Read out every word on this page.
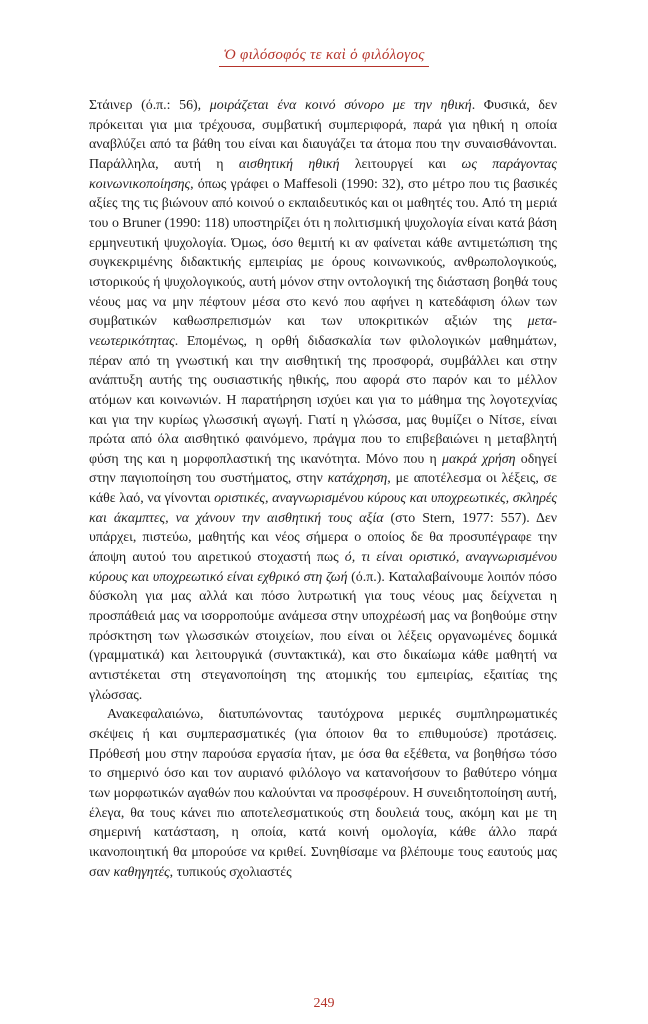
Ὁ φιλόσοφός τε καὶ ὁ φιλόλογος

Στάινερ (ό.π.: 56), μοιράζεται ένα κοινό σύνορο με την ηθική. Φυσικά, δεν πρόκειται για μια τρέχουσα, συμβατική συμπεριφορά, παρά για ηθική η οποία αναβλύζει από τα βάθη του είναι και διαυγάζει τα άτομα που την συναισθάνονται. Παράλληλα, αυτή η αισθητική ηθική λειτουργεί και ως παράγοντας κοινωνικοποίησης, όπως γράφει ο Maffesoli (1990: 32), στο μέτρο που τις βασικές αξίες της τις βιώνουν από κοινού ο εκπαιδευτικός και οι μαθητές του. Από τη μεριά του ο Bruner (1990: 118) υποστηρίζει ότι η πολιτισμική ψυχολογία είναι κατά βάση ερμηνευτική ψυχολογία. Όμως, όσο θεμιτή κι αν φαίνεται κάθε αντιμετώπιση της συγκεκριμένης διδακτικής εμπειρίας με όρους κοινωνικούς, ανθρωπολογικούς, ιστορικούς ή ψυχολογικούς, αυτή μόνον στην οντολογική της διάσταση βοηθά τους νέους μας να μην πέφτουν μέσα στο κενό που αφήνει η κατεδάφιση όλων των συμβατικών καθωσπρεπισμών και των υποκριτικών αξιών της μετα-νεωτερικότητας. Επομένως, η ορθή διδασκαλία των φιλολογικών μαθημάτων, πέραν από τη γνωστική και την αισθητική της προσφορά, συμβάλλει και στην ανάπτυξη αυτής της ουσιαστικής ηθικής, που αφορά στο παρόν και το μέλλον ατόμων και κοινωνιών. Η παρατήρηση ισχύει και για το μάθημα της λογοτεχνίας και για την κυρίως γλωσσική αγωγή. Γιατί η γλώσσα, μας θυμίζει ο Νίτσε, είναι πρώτα από όλα αισθητικό φαινόμενο, πράγμα που το επιβεβαιώνει η μεταβλητή φύση της και η μορφοπλαστική της ικανότητα. Μόνο που η μακρά χρήση οδηγεί στην παγιοποίηση του συστήματος, στην κατάχρηση, με αποτέλεσμα οι λέξεις, σε κάθε λαό, να γίνονται οριστικές, αναγνωρισμένου κύρους και υποχρεωτικές, σκληρές και άκαμπτες, να χάνουν την αισθητική τους αξία (στο Stern, 1977: 557). Δεν υπάρχει, πιστεύω, μαθητής και νέος σήμερα ο οποίος δε θα προσυπέγραφε την άποψη αυτού του αιρετικού στοχαστή πως ό, τι είναι οριστικό, αναγνωρισμένου κύρους και υποχρεωτικό είναι εχθρικό στη ζωή (ό.π.). Καταλαβαίνουμε λοιπόν πόσο δύσκολη για μας αλλά και πόσο λυτρωτική για τους νέους μας δείχνεται η προσπάθειά μας να ισορροπούμε ανάμεσα στην υποχρέωσή μας να βοηθούμε στην πρόσκτηση των γλωσσικών στοιχείων, που είναι οι λέξεις οργανωμένες δομικά (γραμματικά) και λειτουργικά (συντακτικά), και στο δικαίωμα κάθε μαθητή να αντιστέκεται στη στεγανοποίηση της ατομικής του εμπειρίας, εξαιτίας της γλώσσας.

Ανακεφαλαιώνω, διατυπώνοντας ταυτόχρονα μερικές συμπληρωματικές σκέψεις ή και συμπερασματικές (για όποιον θα το επιθυμούσε) προτάσεις. Πρόθεσή μου στην παρούσα εργασία ήταν, με όσα θα εξέθετα, να βοηθήσω τόσο το σημερινό όσο και τον αυριανό φιλόλογο να κατανοήσουν το βαθύτερο νόημα των μορφωτικών αγαθών που καλούνται να προσφέρουν. Η συνειδητοποίηση αυτή, έλεγα, θα τους κάνει πιο αποτελεσματικούς στη δουλειά τους, ακόμη και με τη σημερινή κατάσταση, η οποία, κατά κοινή ομολογία, κάθε άλλο παρά ικανοποιητική θα μπορούσε να κριθεί. Συνηθίσαμε να βλέπουμε τους εαυτούς μας σαν καθηγητές, τυπικούς σχολιαστές

249
